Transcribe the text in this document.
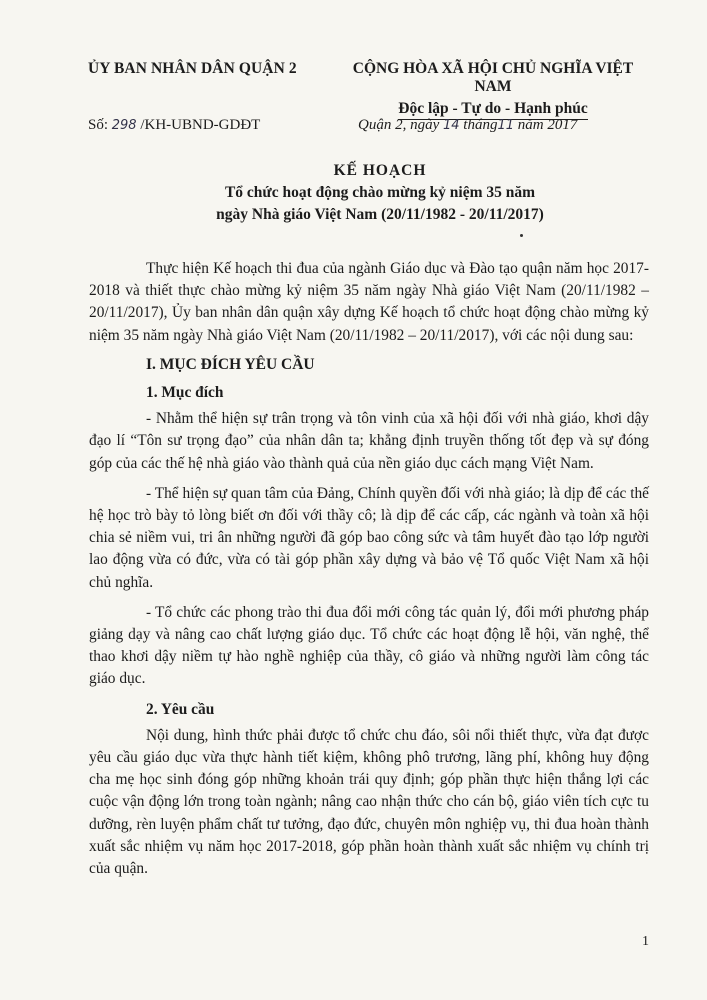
ỦY BAN NHÂN DÂN QUẬN 2	CỘNG HÒA XÃ HỘI CHỦ NGHĨA VIỆT NAM
Độc lập - Tự do - Hạnh phúc
Số: 298 /KH-UBND-GDĐT	Quận 2, ngày 14 tháng11 năm 2017
KẾ HOẠCH
Tổ chức hoạt động chào mừng kỷ niệm 35 năm
ngày Nhà giáo Việt Nam (20/11/1982 - 20/11/2017)

Thực hiện Kế hoạch thi đua của ngành Giáo dục và Đào tạo quận năm học 2017-2018 và thiết thực chào mừng kỷ niệm 35 năm ngày Nhà giáo Việt Nam (20/11/1982 – 20/11/2017), Ủy ban nhân dân quận xây dựng Kế hoạch tổ chức hoạt động chào mừng kỷ niệm 35 năm ngày Nhà giáo Việt Nam (20/11/1982 – 20/11/2017), với các nội dung sau:

I. MỤC ĐÍCH YÊU CẦU

1. Mục đích

- Nhằm thể hiện sự trân trọng và tôn vinh của xã hội đối với nhà giáo, khơi dậy đạo lí “Tôn sư trọng đạo” của nhân dân ta; khẳng định truyền thống tốt đẹp và sự đóng góp của các thế hệ nhà giáo vào thành quả của nền giáo dục cách mạng Việt Nam.

- Thể hiện sự quan tâm của Đảng, Chính quyền đối với nhà giáo; là dịp để các thế hệ học trò bày tỏ lòng biết ơn đối với thầy cô; là dịp để các cấp, các ngành và toàn xã hội chia sẻ niềm vui, tri ân những người đã góp bao công sức và tâm huyết đào tạo lớp người lao động vừa có đức, vừa có tài góp phần xây dựng và bảo vệ Tổ quốc Việt Nam xã hội chủ nghĩa.

- Tổ chức các phong trào thi đua đổi mới công tác quản lý, đổi mới phương pháp giảng dạy và nâng cao chất lượng giáo dục. Tổ chức các hoạt động lễ hội, văn nghệ, thể thao khơi dậy niềm tự hào nghề nghiệp của thầy, cô giáo và những người làm công tác giáo dục.

2. Yêu cầu

Nội dung, hình thức phải được tổ chức chu đáo, sôi nổi thiết thực, vừa đạt được yêu cầu giáo dục vừa thực hành tiết kiệm, không phô trương, lãng phí, không huy động cha mẹ học sinh đóng góp những khoản trái quy định; góp phần thực hiện thắng lợi các cuộc vận động lớn trong toàn ngành; nâng cao nhận thức cho cán bộ, giáo viên tích cực tu dưỡng, rèn luyện phẩm chất tư tưởng, đạo đức, chuyên môn nghiệp vụ, thi đua hoàn thành xuất sắc nhiệm vụ năm học 2017-2018, góp phần hoàn thành xuất sắc nhiệm vụ chính trị của quận.

1
